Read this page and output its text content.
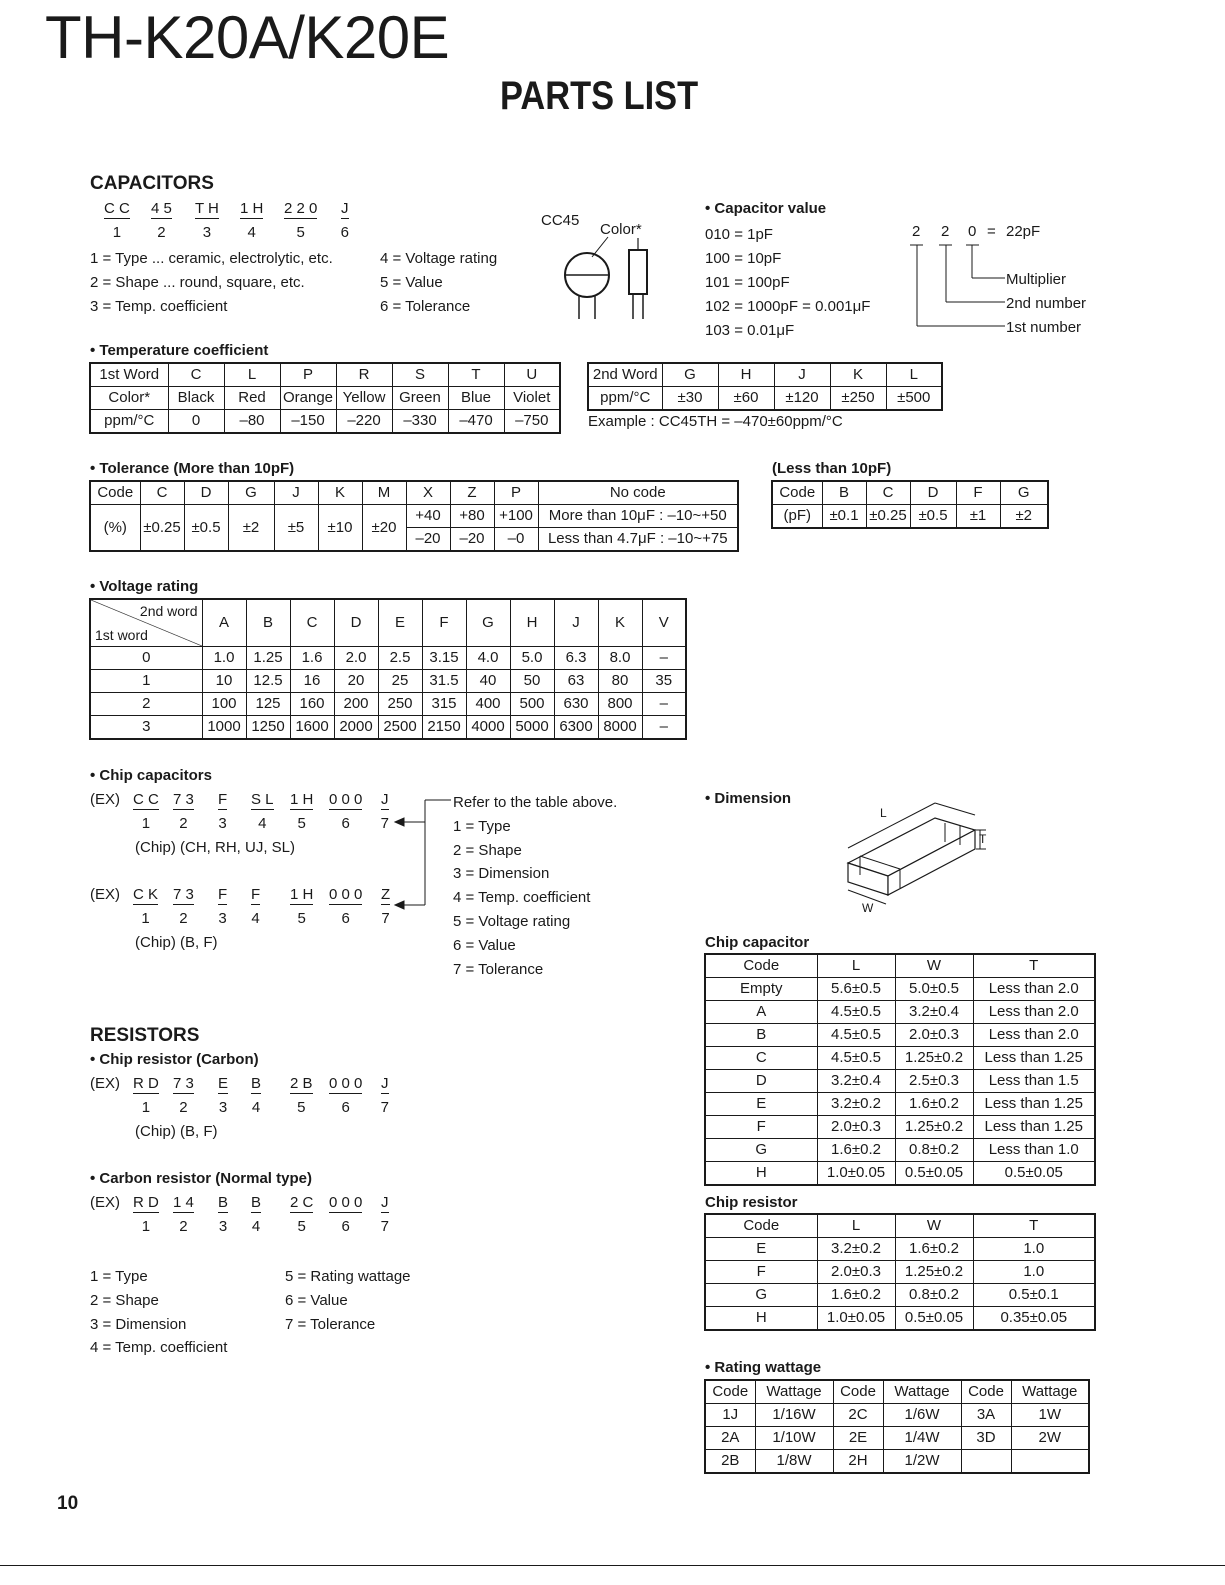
TH-K20A/K20E
PARTS LIST
CAPACITORS
C C
1
4 5
2
T H
3
1 H
4
2 2 0
5
J
6
1 = Type ... ceramic, electrolytic, etc.
2 = Shape ... round, square, etc.
3 = Temp. coefficient
4 = Voltage rating
5 = Value
6 = Tolerance
CC45
Color*
• Capacitor value
010 = 1pF
100 = 10pF
101 = 100pF
102 = 1000pF = 0.001μF
103 = 0.01μF
2 2 0 = 22pF
Multiplier
2nd number
1st number
• Temperature coefficient
1st Word	C	L	P	R	S	T	U
Color*	Black	Red	Orange	Yellow	Green	Blue	Violet
ppm/°C	0	–80	–150	–220	–330	–470	–750
2nd Word	G	H	J	K	L
ppm/°C	±30	±60	±120	±250	±500
Example : CC45TH = –470±60ppm/°C
• Tolerance (More than 10pF)
Code	C	D	G	J	K	M	X	Z	P	No code
(%)	±0.25	±0.5	±2	±5	±10	±20	+40	+80	+100	More than 10μF : –10~+50
							–20	–20	–0	Less than 4.7μF : –10~+75
(Less than 10pF)
Code	B	C	D	F	G
(pF)	±0.1	±0.25	±0.5	±1	±2
• Voltage rating
2nd word
1st word	A	B	C	D	E	F	G	H	J	K	V
0	1.0	1.25	1.6	2.0	2.5	3.15	4.0	5.0	6.3	8.0	–
1	10	12.5	16	20	25	31.5	40	50	63	80	35
2	100	125	160	200	250	315	400	500	630	800	–
3	1000	1250	1600	2000	2500	2150	4000	5000	6300	8000	–
• Chip capacitors
(EX) C C
1
7 3
2
F
3
S L
4
1 H
5
0 0 0
6
J
7
(EX) C K
1
7 3
2
F
3
F
4
1 H
5
0 0 0
6
Z
7
(Chip) (CH, RH, UJ, SL)
(Chip) (B, F)
Refer to the table above.
1 = Type
2 = Shape
3 = Dimension
4 = Temp. coefficient
5 = Voltage rating
6 = Value
7 = Tolerance
• Dimension
L
T
W
Chip capacitor
Code	L	W	T
Empty	5.6±0.5	5.0±0.5	Less than 2.0
A	4.5±0.5	3.2±0.4	Less than 2.0
B	4.5±0.5	2.0±0.3	Less than 2.0
C	4.5±0.5	1.25±0.2	Less than 1.25
D	3.2±0.4	2.5±0.3	Less than 1.5
E	3.2±0.2	1.6±0.2	Less than 1.25
F	2.0±0.3	1.25±0.2	Less than 1.25
G	1.6±0.2	0.8±0.2	Less than 1.0
H	1.0±0.05	0.5±0.05	0.5±0.05
Chip resistor
Code	L	W	T
E	3.2±0.2	1.6±0.2	1.0
F	2.0±0.3	1.25±0.2	1.0
G	1.6±0.2	0.8±0.2	0.5±0.1
H	1.0±0.05	0.5±0.05	0.35±0.05
RESISTORS
• Chip resistor (Carbon)
• Carbon resistor (Normal type)
(EX) R D
1
7 3
2
E
3
B
4
2 B
5
0 0 0
6
J
7
(EX) R D
1
1 4
2
B
3
B
4
2 C
5
0 0 0
6
J
7
(Chip) (B, F)
1 = Type
2 = Shape
3 = Dimension
4 = Temp. coefficient
5 = Rating wattage
6 = Value
7 = Tolerance
• Rating wattage
Code	Wattage	Code	Wattage	Code	Wattage
1J	1/16W	2C	1/6W	3A	1W
2A	1/10W	2E	1/4W	3D	2W
2B	1/8W	2H	1/2W		
10
